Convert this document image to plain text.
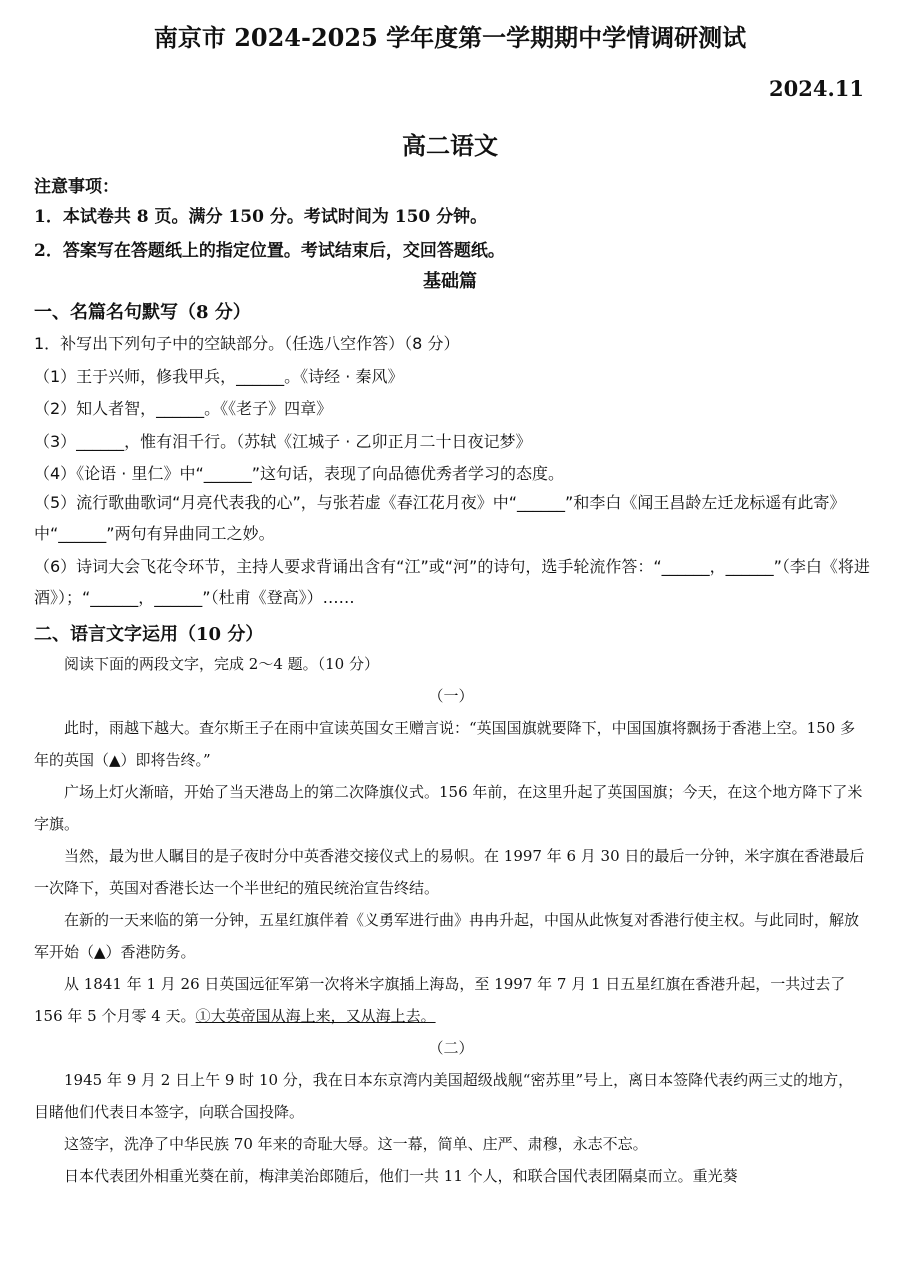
南京市 2024-2025 学年度第一学期期中学情调研测试
2024.11
高二语文
注意事项：
1．本试卷共 8 页。满分 150 分。考试时间为 150 分钟。
2．答案写在答题纸上的指定位置。考试结束后，交回答题纸。
基础篇
一、名篇名句默写（8 分）
1．补写出下列句子中的空缺部分。（任选八空作答）（8 分）
（1）王于兴师，修我甲兵，______。《诗经 · 秦风》
（2）知人者智，______。《《老子》四章》
（3）______，惟有泪千行。（苏轼《江城子 · 乙卯正月二十日夜记梦》
（4）《论语 · 里仁》中“______”这句话，表现了向品德优秀者学习的态度。
（5）流行歌曲歌词“月亮代表我的心”，与张若虚《春江花月夜》中“______”和李白《闻王昌龄左迁龙标遥有此寄》中“______”两句有异曲同工之妙。
（6）诗词大会飞花令环节，主持人要求背诵出含有“江”或“河”的诗句，选手轮流作答：“______，______”（李白《将进酒》）；“______，______”（杜甫《登高》）……
二、语言文字运用（10 分）

阅读下面的两段文字，完成 2～4 题。（10 分）

（一）

此时，雨越下越大。查尔斯王子在雨中宣读英国女王赠言说：“英国国旗就要降下，中国国旗将飘扬于香港上空。150 多年的英国（▲）即将告终。”

广场上灯火渐暗，开始了当天港岛上的第二次降旗仪式。156 年前，在这里升起了英国国旗；今天，在这个地方降下了米字旗。

当然，最为世人瞩目的是子夜时分中英香港交接仪式上的易帜。在 1997 年 6 月 30 日的最后一分钟，米字旗在香港最后一次降下，英国对香港长达一个半世纪的殖民统治宣告终结。

在新的一天来临的第一分钟，五星红旗伴着《义勇军进行曲》冉冉升起，中国从此恢复对香港行使主权。与此同时，解放军开始（▲）香港防务。

从 1841 年 1 月 26 日英国远征军第一次将米字旗插上海岛，至 1997 年 7 月 1 日五星红旗在香港升起，一共过去了 156 年 5 个月零 4 天。①大英帝国从海上来，又从海上去。

（二）

1945 年 9 月 2 日上午 9 时 10 分，我在日本东京湾内美国超级战舰“密苏里”号上，离日本签降代表约两三丈的地方，目睹他们代表日本签字，向联合国投降。

这签字，洗净了中华民族 70 年来的奇耻大辱。这一幕，简单、庄严、肃穆，永志不忘。

日本代表团外相重光葵在前，梅津美治郎随后，他们一共 11 个人，和联合国代表团隔桌而立。重光葵
